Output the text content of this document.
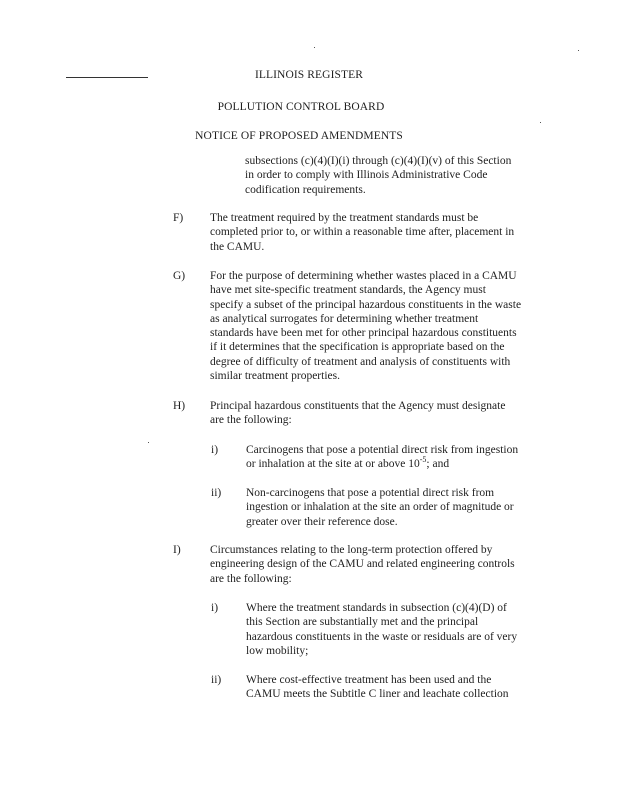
ILLINOIS REGISTER
POLLUTION CONTROL BOARD
NOTICE OF PROPOSED AMENDMENTS
subsections (c)(4)(I)(i) through (c)(4)(I)(v) of this Section
in order to comply with Illinois Administrative Code
codification requirements.
F) The treatment required by the treatment standards must be
completed prior to, or within a reasonable time after, placement in
the CAMU.
G) For the purpose of determining whether wastes placed in a CAMU
have met site-specific treatment standards, the Agency must
specify a subset of the principal hazardous constituents in the waste
as analytical surrogates for determining whether treatment
standards have been met for other principal hazardous constituents
if it determines that the specification is appropriate based on the
degree of difficulty of treatment and analysis of constituents with
similar treatment properties.
H) Principal hazardous constituents that the Agency must designate
are the following:
i) Carcinogens that pose a potential direct risk from ingestion
or inhalation at the site at or above $10^{-5}$; and
ii) Non-carcinogens that pose a potential direct risk from
ingestion or inhalation at the site an order of magnitude or
greater over their reference dose.
I)	Circumstances relating to the long-term protection offered by
engineering design of the CAMU and related engineering controls
are the following:
i) Where the treatment standards in subsection (c)(4)(D) of
this Section are substantially met and the principal
hazardous constituents in the waste or residuals are of very
low mobility;
ii) Where cost-effective treatment has been used and the
CAMU meets the Subtitle C liner and leachate collection
